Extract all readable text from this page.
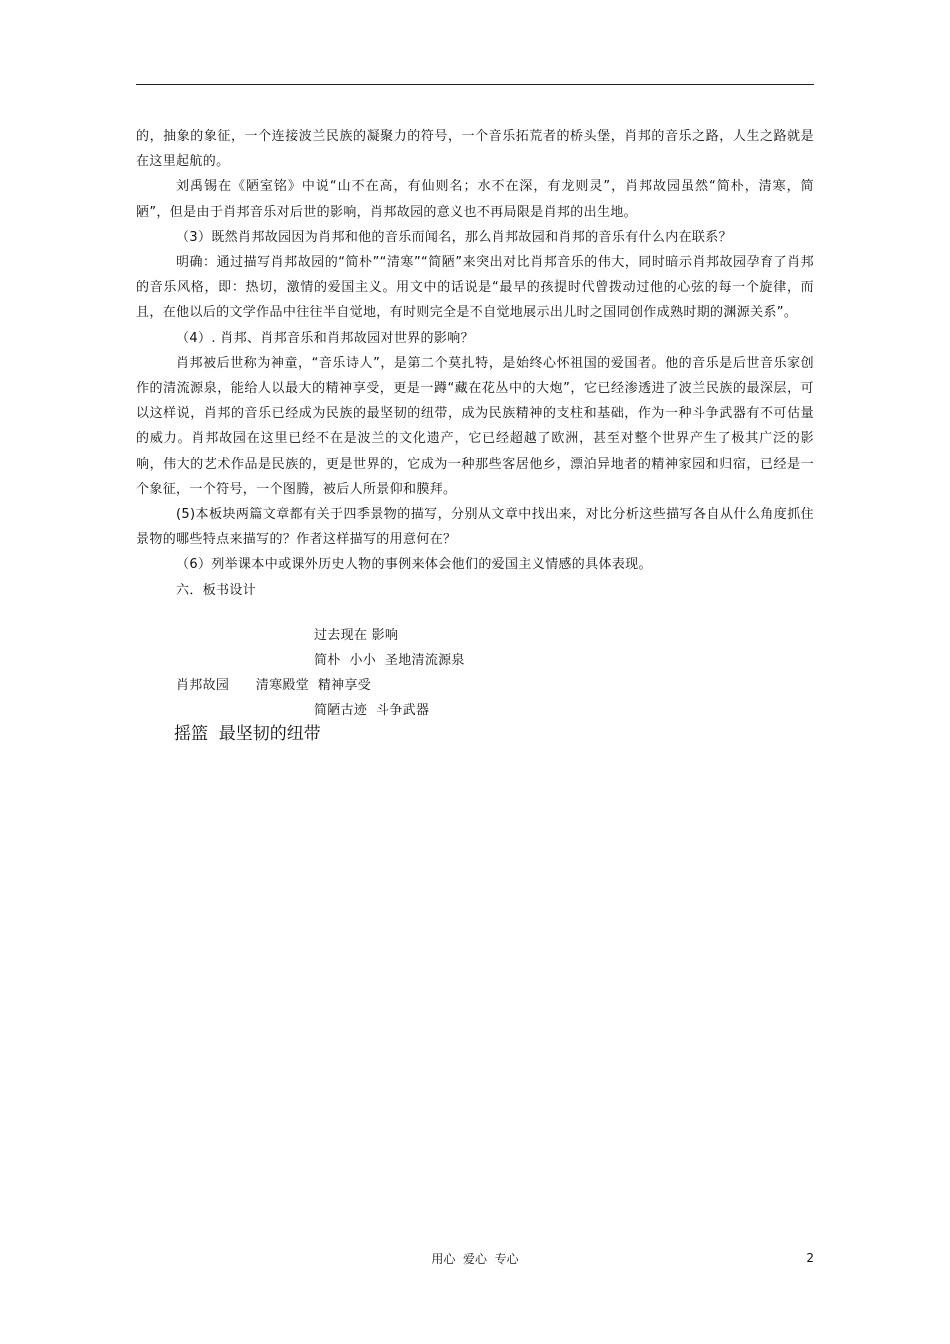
的，抽象的象征，一个连接波兰民族的凝聚力的符号，一个音乐拓荒者的桥头堡，肖邦的音乐之路，人生之路就是在这里起航的。

刘禹锡在《陋室铭》中说“山不在高，有仙则名；水不在深，有龙则灵”，肖邦故园虽然“简朴，清寒，简陋”，但是由于肖邦音乐对后世的影响，肖邦故园的意义也不再局限是肖邦的出生地。

（3）既然肖邦故园因为肖邦和他的音乐而闻名，那么肖邦故园和肖邦的音乐有什么内在联系？

明确：通过描写肖邦故园的“简朴”“清寒”“简陋”来突出对比肖邦音乐的伟大，同时暗示肖邦故园孕育了肖邦的音乐风格，即：热切，激情的爱国主义。用文中的话说是“最早的孩提时代曾拨动过他的心弦的每一个旋律，而且，在他以后的文学作品中往往半自觉地，有时则完全是不自觉地展示出儿时之国同创作成熟时期的渊源关系”。

（4）. 肖邦、肖邦音乐和肖邦故园对世界的影响？

肖邦被后世称为神童，“音乐诗人”，是第二个莫扎特，是始终心怀祖国的爱国者。他的音乐是后世音乐家创作的清流源泉，能给人以最大的精神享受，更是一蹲“藏在花丛中的大炮”，它已经渗透进了波兰民族的最深层，可以这样说，肖邦的音乐已经成为民族的最坚韧的纽带，成为民族精神的支柱和基础，作为一种斗争武器有不可估量的威力。肖邦故园在这里已经不在是波兰的文化遗产，它已经超越了欧洲，甚至对整个世界产生了极其广泛的影响，伟大的艺术作品是民族的，更是世界的，它成为一种那些客居他乡，漂泊异地者的精神家园和归宿，已经是一个象征，一个符号，一个图腾，被后人所景仰和膜拜。

(5)本板块两篇文章都有关于四季景物的描写，分别从文章中找出来，对比分析这些描写各自从什么角度抓住景物的哪些特点来描写的？作者这样描写的用意何在？

（6）列举课本中或课外历史人物的事例来体会他们的爱国主义情感的具体表现。

六．板书设计

过去现在 影响
简朴  小小  圣地清流源泉
肖邦故园      清寒殿堂  精神享受
简陋古迹  斗争武器
摇篮  最坚韧的纽带
用心  爱心  专心	2
